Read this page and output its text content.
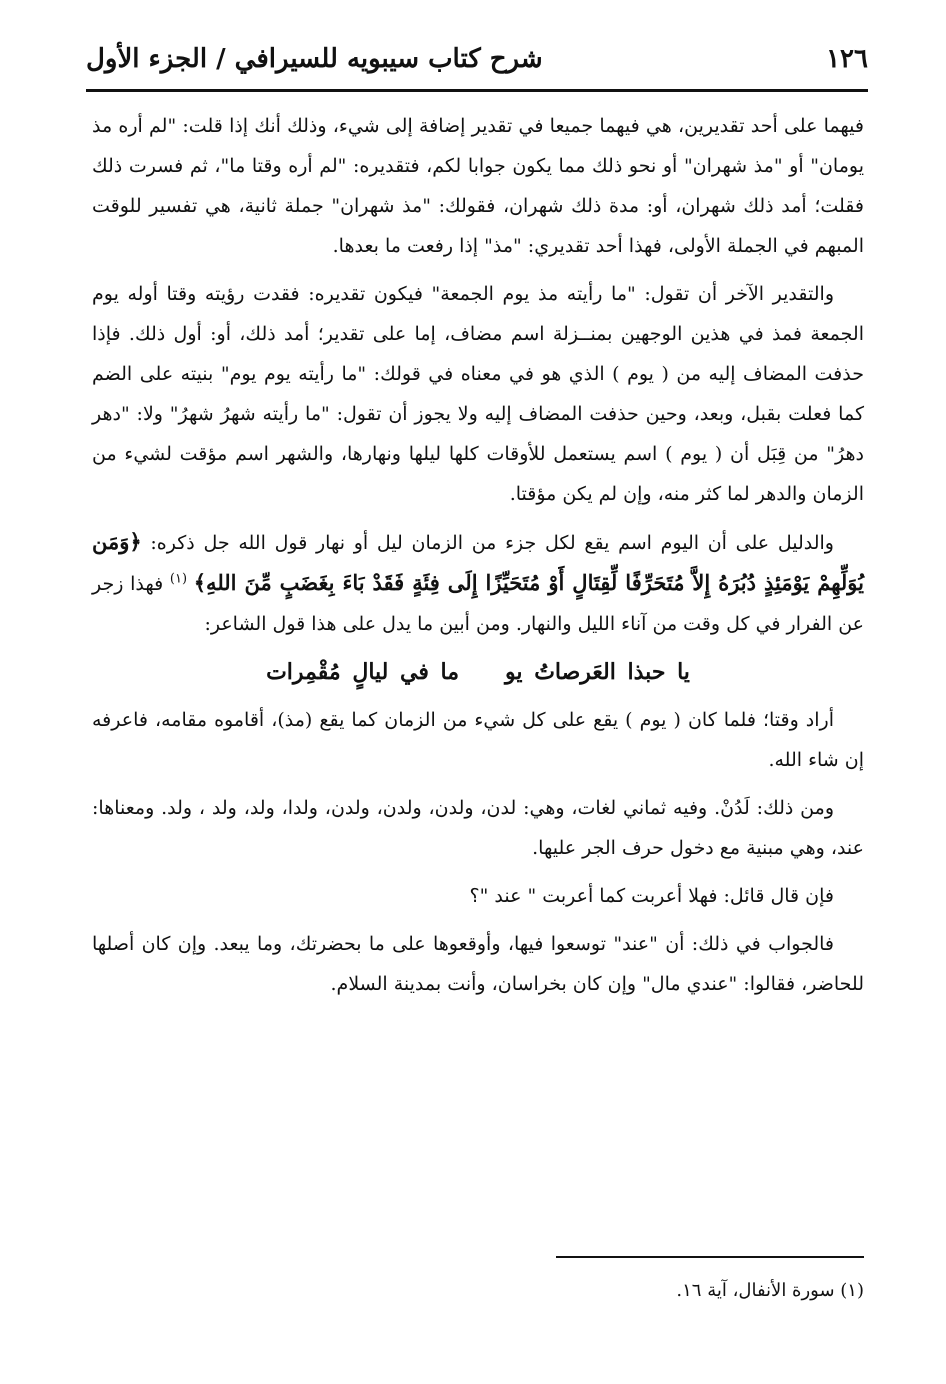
١٢٦
شرح كتاب سيبويه للسيرافي / الجزء الأول

فيهما على أحد تقديرين، هي فيهما جميعا في تقدير إضافة إلى شيء، وذلك أنك إذا قلت: "لم أره مذ يومان" أو "مذ شهران" أو نحو ذلك مما يكون جوابا لكم، فتقديره: "لم أره وقتا ما"، ثم فسرت ذلك فقلت؛ أمد ذلك شهران، أو: مدة ذلك شهران، فقولك: "مذ شهران" جملة ثانية، هي تفسير للوقت المبهم في الجملة الأولى، فهذا أحد تقديري: "مذ" إذا رفعت ما بعدها.

والتقدير الآخر أن تقول: "ما رأيته مذ يوم الجمعة" فيكون تقديره: فقدت رؤيته وقتا أوله يوم الجمعة فمذ في هذين الوجهين بمنــزلة اسم مضاف، إما على تقدير؛ أمد ذلك، أو: أول ذلك. فإذا حذفت المضاف إليه من ( يوم ) الذي هو في معناه في قولك: "ما رأيته يوم يوم" بنيته على الضم كما فعلت بقبل، وبعد، وحين حذفت المضاف إليه ولا يجوز أن تقول: "ما رأيته شهرُ شهرُ" ولا: "دهر دهرُ" من قِبَل أن ( يوم ) اسم يستعمل للأوقات كلها ليلها ونهارها، والشهر اسم مؤقت لشيء من الزمان والدهر لما كثر منه، وإن لم يكن مؤقتا.

والدليل على أن اليوم اسم يقع لكل جزء من الزمان ليل أو نهار قول الله جل ذكره: ﴿وَمَن يُوَلِّهِمْ يَوْمَئِذٍ دُبُرَهُ إِلاَّ مُتَحَرِّفًا لِّقِتَالٍ أَوْ مُتَحَيِّزًا إِلَى فِئَةٍ فَقَدْ بَاءَ بِغَضَبٍ مِّنَ اللهِ﴾ $^{(١)}$ فهذا زجر عن الفرار في كل وقت من آناء الليل والنهار. ومن أبين ما يدل على هذا قول الشاعر:

يا حبذا العَرصاتُ يوما في ليالٍ مُقْمِرات

أراد وقتا؛ فلما كان ( يوم ) يقع على كل شيء من الزمان كما يقع (مذ)، أقاموه مقامه، فاعرفه إن شاء الله.

ومن ذلك: لَدُنْ. وفيه ثماني لغات، وهي: لدن، ولدن، ولدن، ولدن، ولدا، ولد، ولد ، ولد. ومعناها: عند، وهي مبنية مع دخول حرف الجر عليها.

فإن قال قائل: فهلا أعربت كما أعربت " عند "؟

فالجواب في ذلك: أن "عند" توسعوا فيها، وأوقعوها على ما بحضرتك، وما يبعد. وإن كان أصلها للحاضر، فقالوا: "عندي مال" وإن كان بخراسان، وأنت بمدينة السلام.

(١) سورة الأنفال، آية ١٦.
